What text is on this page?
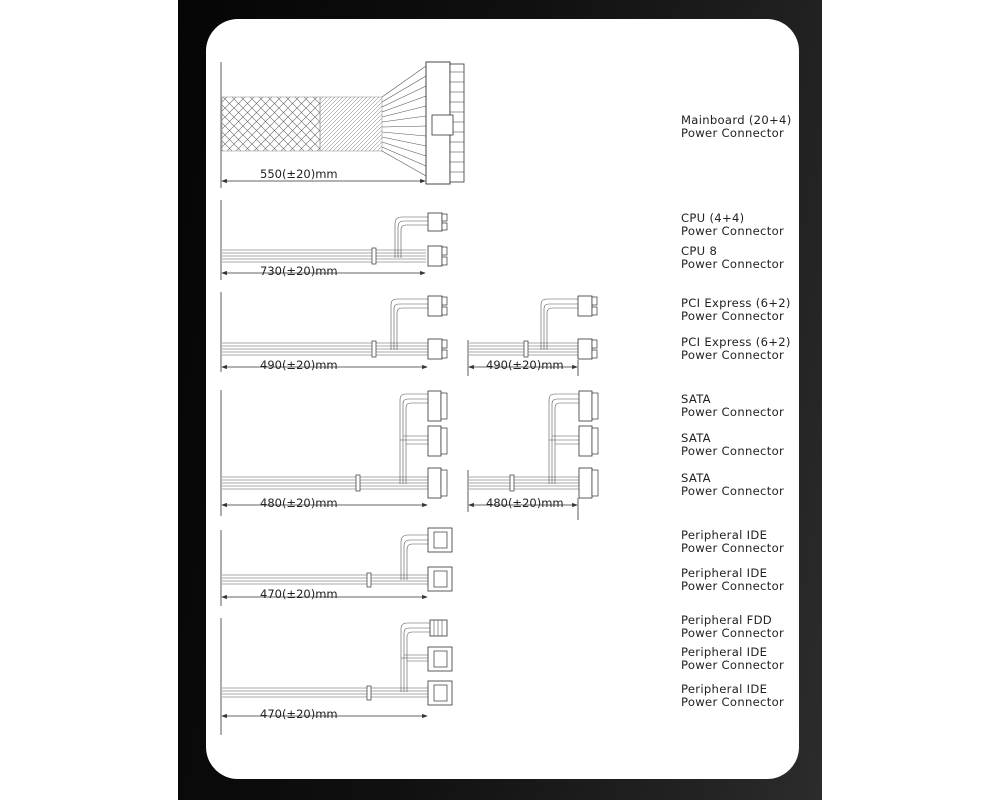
550(±20)mm
730(±20)mm
490(±20)mm	490(±20)mm
480(±20)mm	480(±20)mm
470(±20)mm
470(±20)mm
Mainboard (20+4)
Power Connector
CPU (4+4)
Power Connector
CPU 8
Power Connector
PCI Express (6+2)
Power Connector
PCI Express (6+2)
Power Connector
SATA
Power Connector
SATA
Power Connector
SATA
Power Connector
Peripheral IDE
Power Connector
Peripheral IDE
Power Connector
Peripheral FDD
Power Connector
Peripheral IDE
Power Connector
Peripheral IDE
Power Connector
